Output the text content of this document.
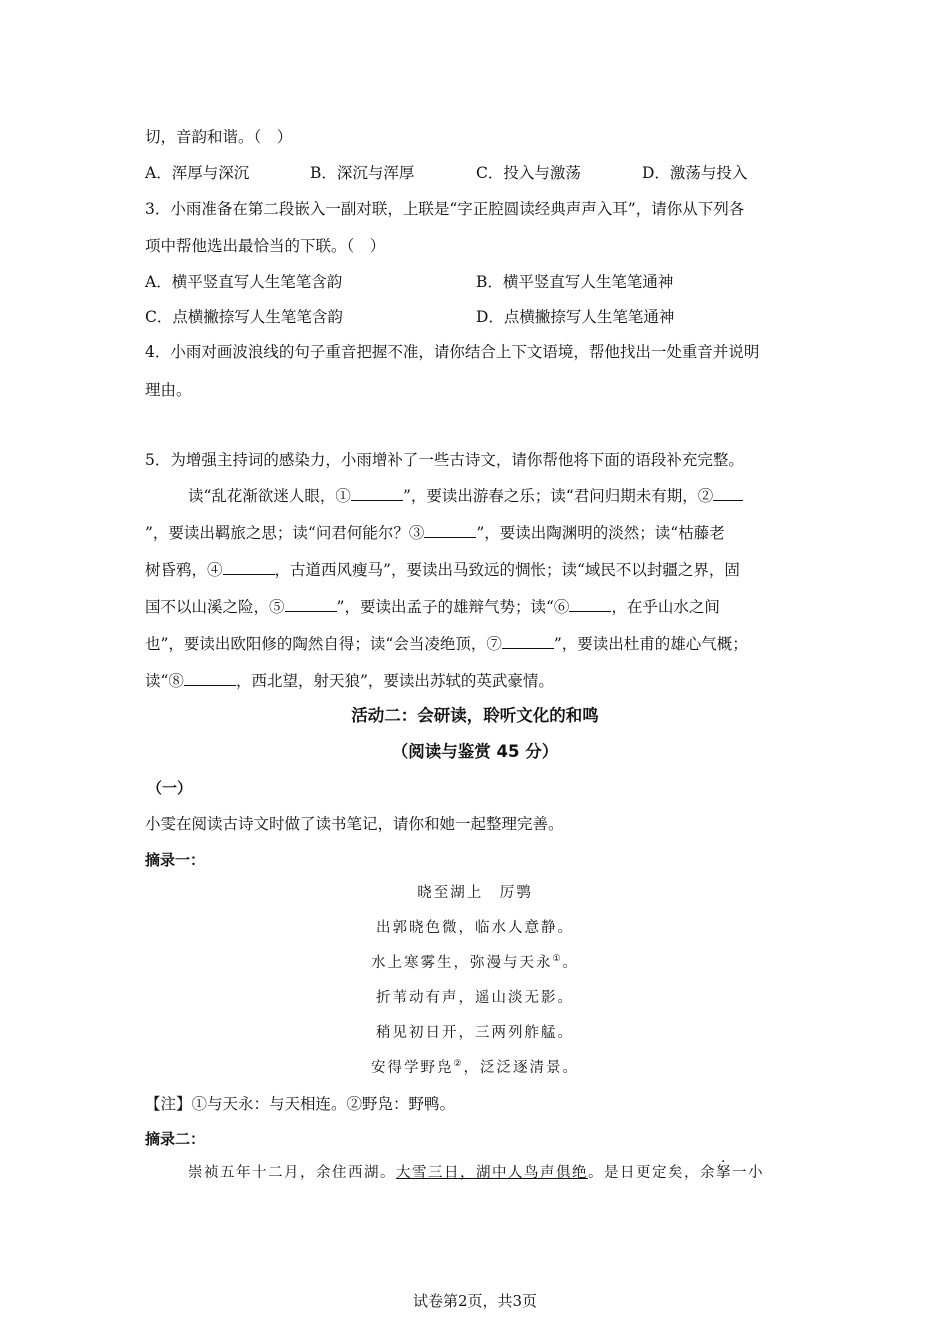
切，音韵和谐。（　）
A．浑厚与深沉	B．深沉与浑厚	C．投入与激荡	D．激荡与投入
3．小雨准备在第二段嵌入一副对联，上联是“字正腔圆读经典声声入耳”，请你从下列各
项中帮他选出最恰当的下联。（　）
A．横平竖直写人生笔笔含韵	B．横平竖直写人生笔笔通神
C．点横撇捺写人生笔笔含韵	D．点横撇捺写人生笔笔通神
4．小雨对画波浪线的句子重音把握不准，请你结合上下文语境，帮他找出一处重音并说明
理由。
5．为增强主持词的感染力，小雨增补了一些古诗文，请你帮他将下面的语段补充完整。
读“乱花渐欲迷人眼，①	”，要读出游春之乐；读“君问归期未有期，②
”，要读出羁旅之思；读“问君何能尔？③	”，要读出陶渊明的淡然；读“枯藤老
树昏鸦，④	，古道西风瘦马”，要读出马致远的惆怅；读“域民不以封疆之界，固
国不以山溪之险，⑤	”，要读出孟子的雄辩气势；读“⑥	，在乎山水之间
也”，要读出欧阳修的陶然自得；读“会当凌绝顶，⑦	”，要读出杜甫的雄心气概；
读“⑧	，西北望，射天狼”，要读出苏轼的英武豪情。
活动二：会研读，聆听文化的和鸣
（阅读与鉴赏 45 分）
（一）
小雯在阅读古诗文时做了读书笔记，请你和她一起整理完善。
摘录一：
晓至湖上　厉鹗
出郭晓色微，临水人意静。
水上寒雾生，弥漫与天永①。
折苇动有声，遥山淡无影。
稍见初日开，三两列舴艋。
安得学野凫②，泛泛逐清景。
【注】①与天永：与天相连。②野凫：野鸭。
摘录二：
崇祯五年十二月，余住西湖。大雪三日，湖中人鸟声俱绝。是日更定矣，余拏一小
试卷第2页，共3页
